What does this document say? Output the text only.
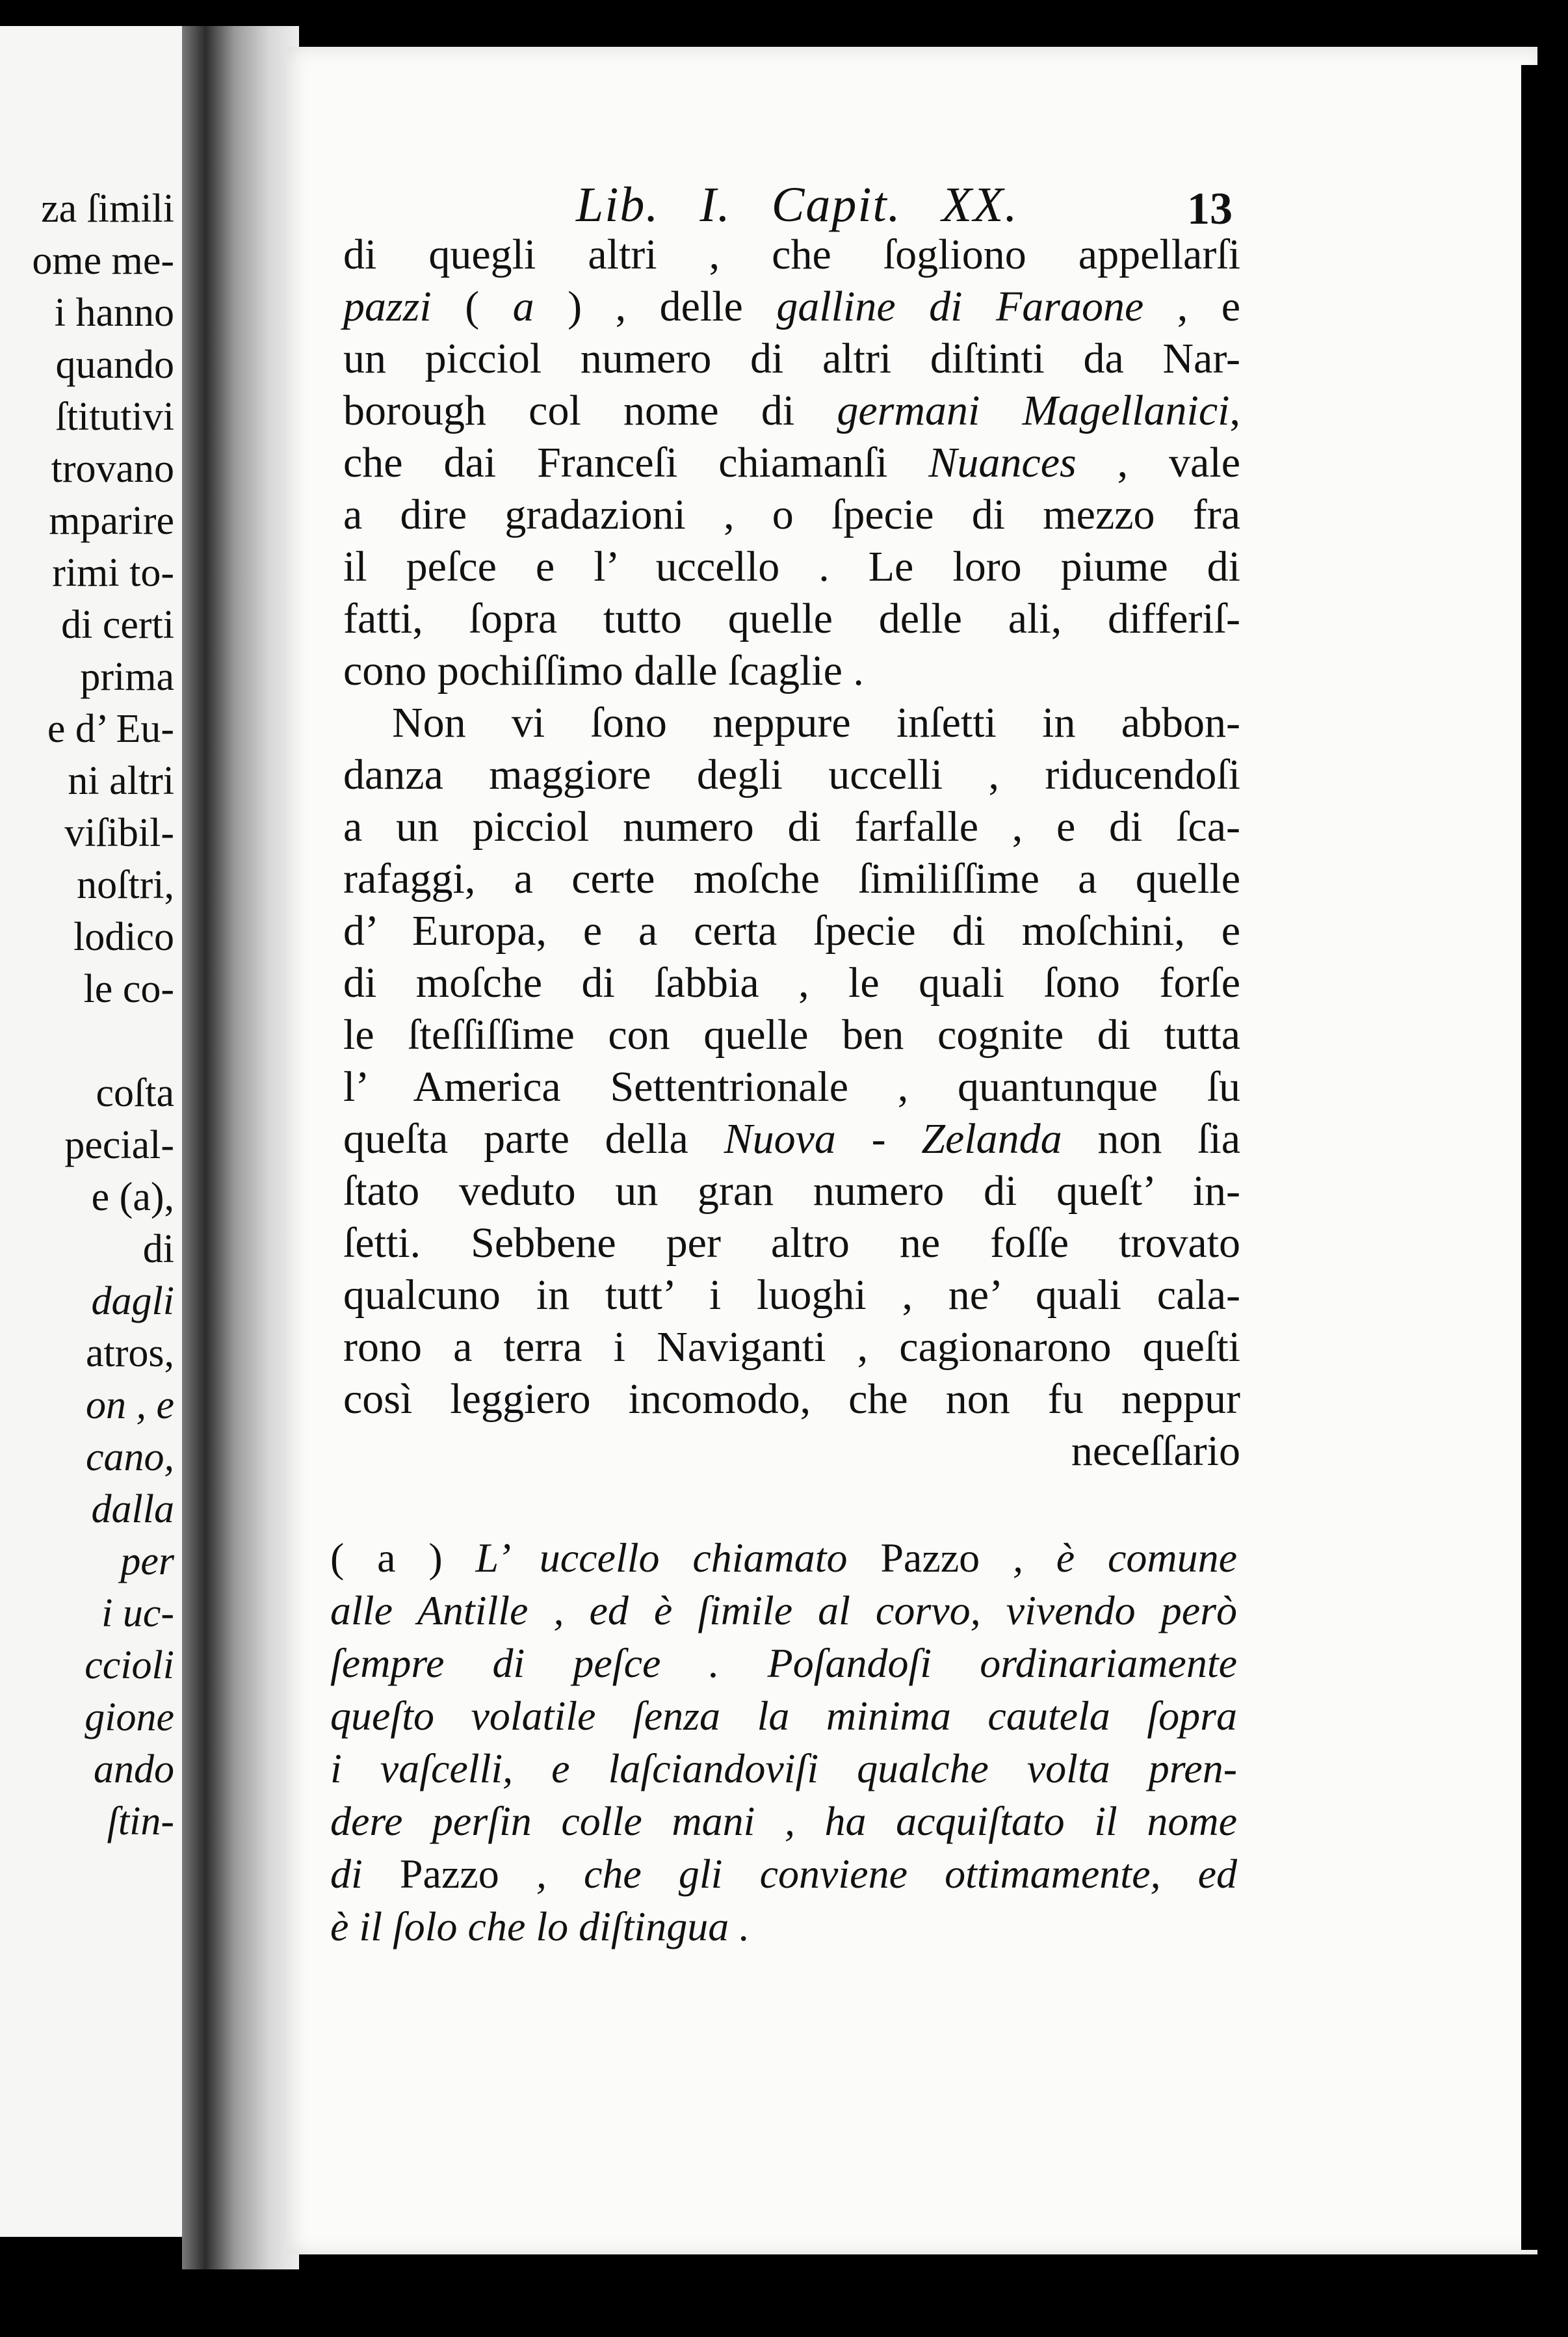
za ſimili
ome me-
i hanno
quando
ſtitutivi
trovano
mparire
rimi to-
di certi
prima
e d’ Eu-
ni altri
viſibil-
noſtri,
lodico
le co-
coſta
pecial-
e (a),
di
dagli
atros,
on , e
cano,
dalla
per
i uc-
ccioli
gione
ando
ſtin-
Lib. I. Capit. XX.	13
di quegli altri , che ſogliono appellarſi
pazzi ( a ) , delle galline di Faraone , e
un picciol numero di altri diſtinti da Nar-
borough col nome di germani Magellanici,
che dai Franceſi chiamanſi Nuances , vale
a dire gradazioni , o ſpecie di mezzo fra
il peſce e l’ uccello . Le loro piume di
fatti, ſopra tutto quelle delle ali, differiſ-
cono pochiſſimo dalle ſcaglie .
Non vi ſono neppure inſetti in abbon-
danza maggiore degli uccelli , riducendoſi
a un picciol numero di farfalle , e di ſca-
rafaggi, a certe moſche ſimiliſſime a quelle
d’ Europa, e a certa ſpecie di moſchini, e
di moſche di ſabbia , le quali ſono forſe
le ſteſſiſſime con quelle ben cognite di tutta
l’ America Settentrionale , quantunque ſu
queſta parte della Nuova - Zelanda non ſia
ſtato veduto un gran numero di queſt’ in-
ſetti. Sebbene per altro ne foſſe trovato
qualcuno in tutt’ i luoghi , ne’ quali cala-
rono a terra i Naviganti , cagionarono queſti
così leggiero incomodo, che non fu neppur
neceſſario
( a ) L’ uccello chiamato Pazzo , è comune
alle Antille , ed è ſimile al corvo, vivendo però
ſempre di peſce . Poſandoſi ordinariamente
queſto volatile ſenza la minima cautela ſopra
i vaſcelli, e laſciandoviſi qualche volta pren-
dere perſin colle mani , ha acquiſtato il nome
di Pazzo , che gli conviene ottimamente, ed
è il ſolo che lo diſtingua .
